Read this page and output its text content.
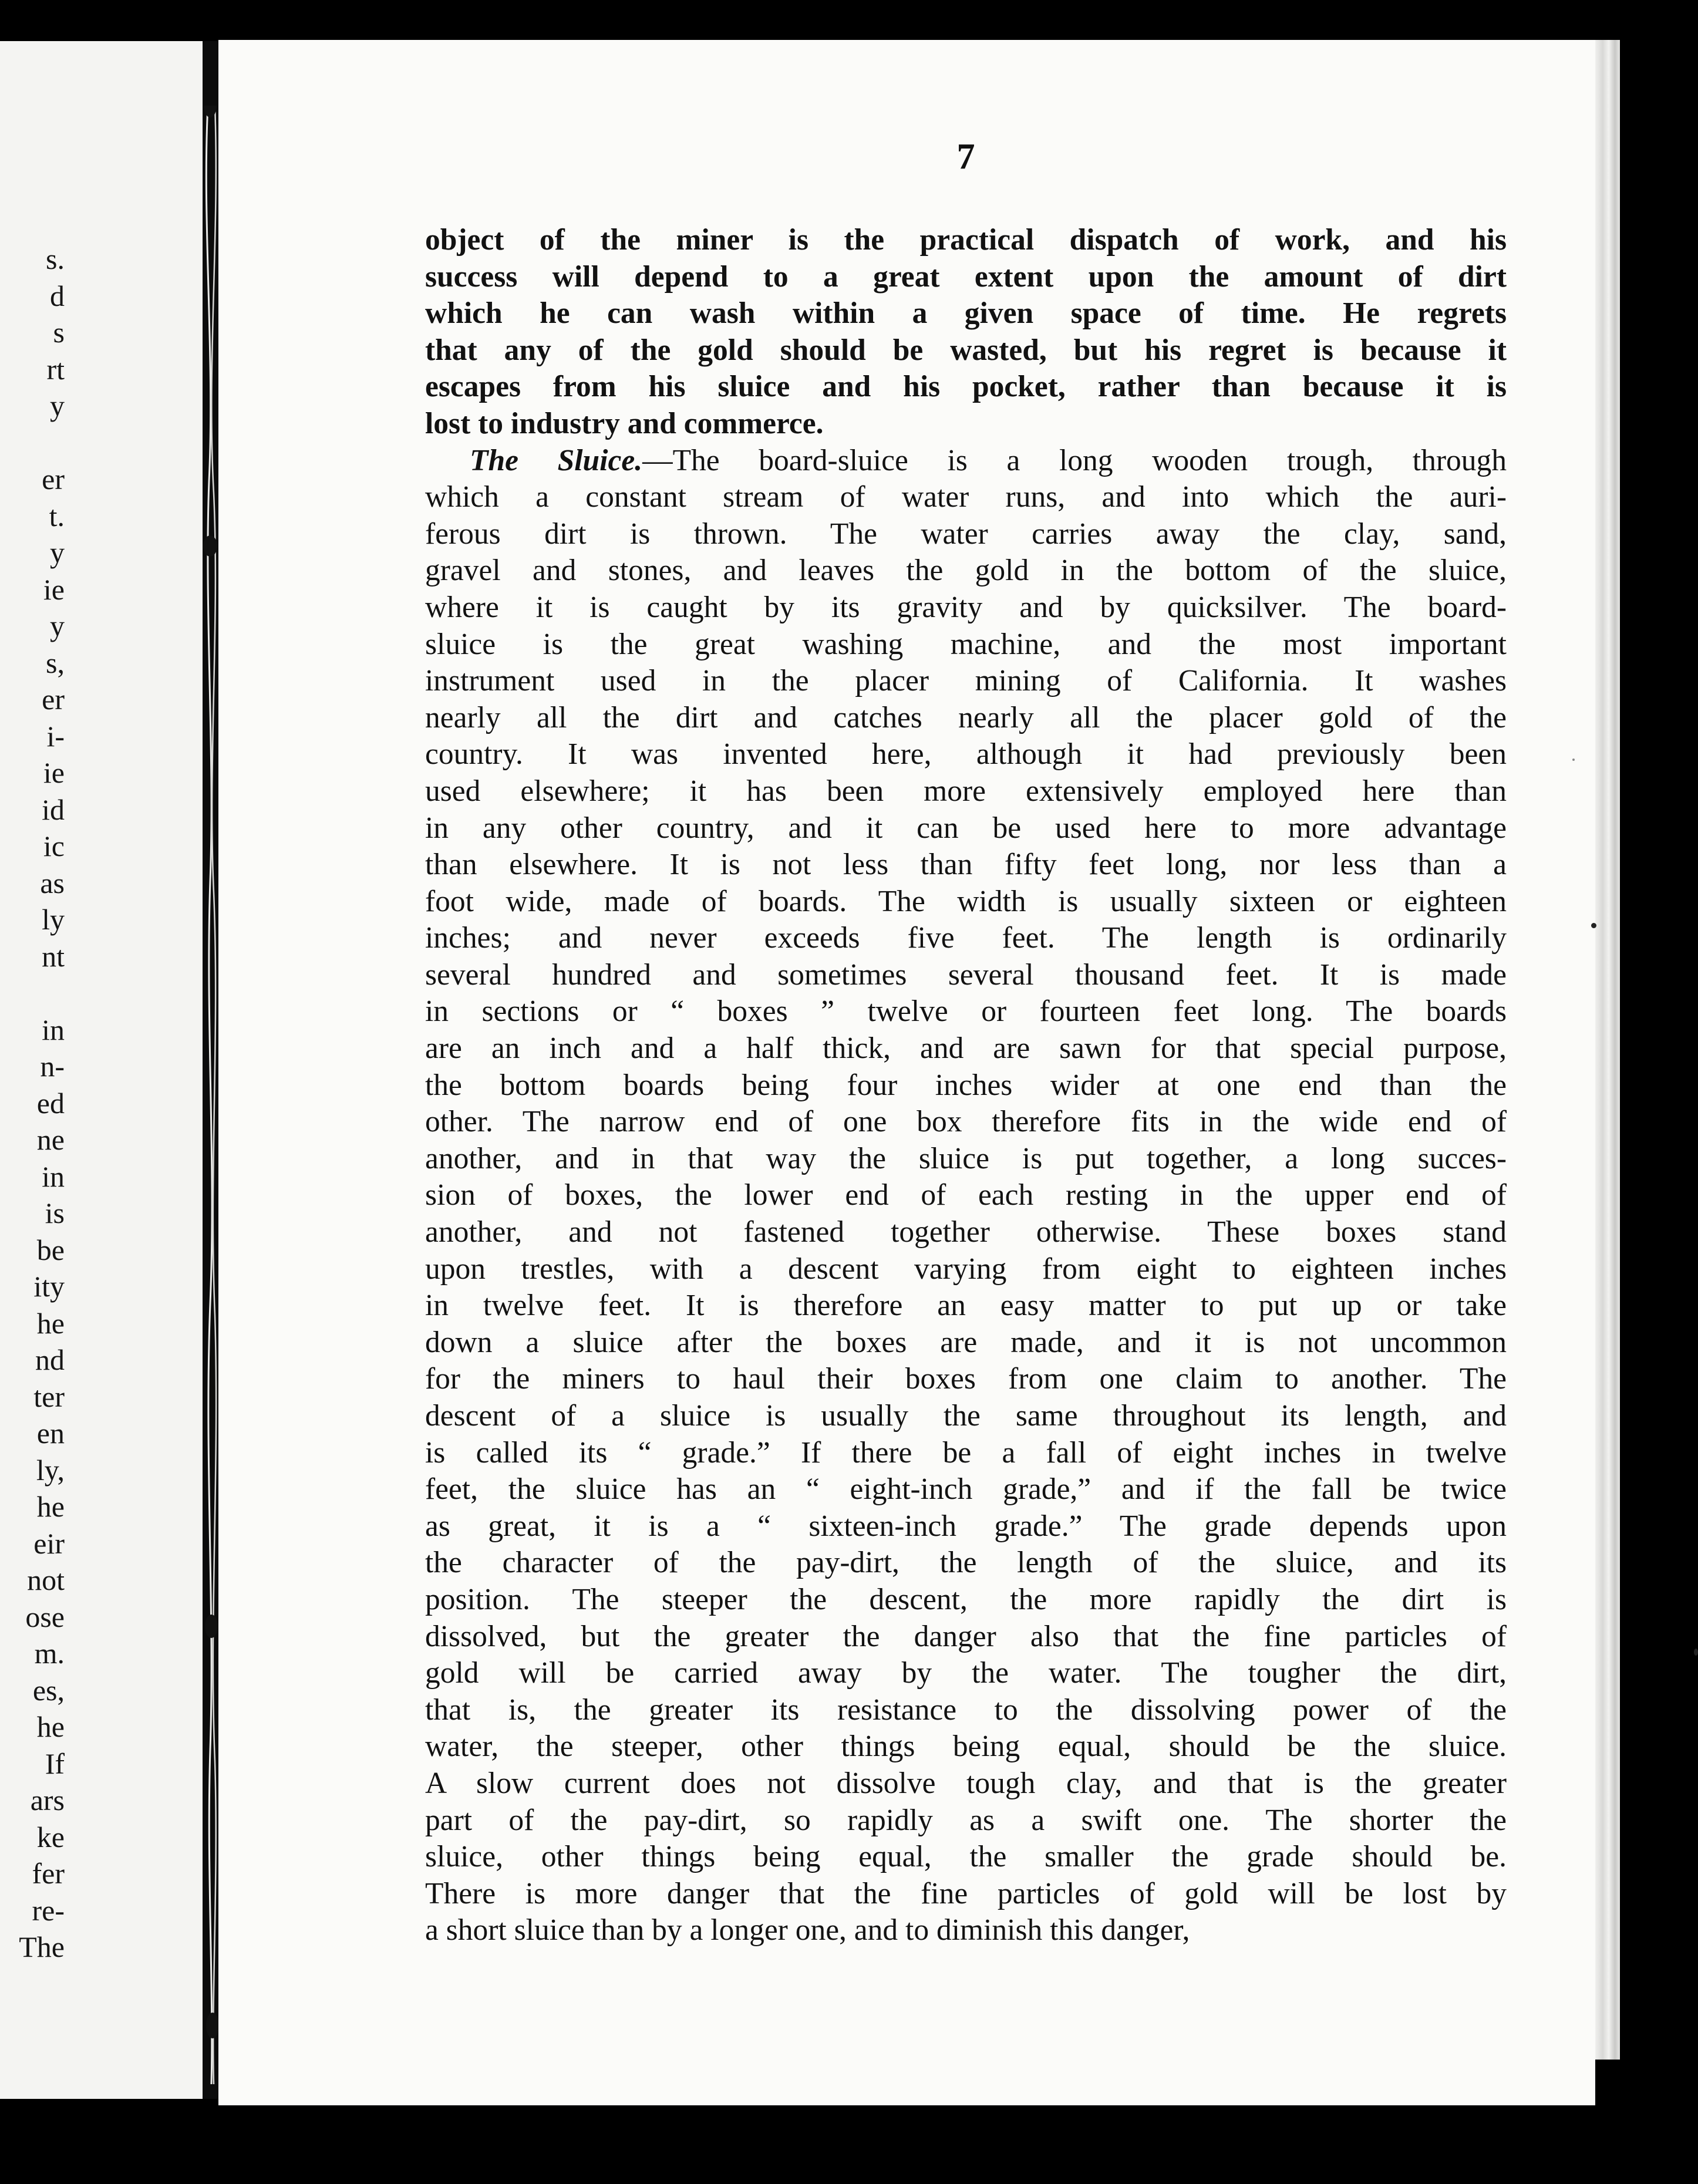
s.
d
s
rt
y
er
t.
y
ie
y
s,
er
i-
ie
id
ic
as
ly
nt
in
n-
ed
ne
in
is
be
ity
he
nd
ter
en
ly,
he
eir
not
ose
m.
es,
he
If
ars
ke
fer
re-
The
7
object of the miner is the practical dispatch of work, and his
success will depend to a great extent upon the amount of dirt
which he can wash within a given space of time. He regrets
that any of the gold should be wasted, but his regret is because it
escapes from his sluice and his pocket, rather than because it is
lost to industry and commerce.
The Sluice.—The board-sluice is a long wooden trough, through
which a constant stream of water runs, and into which the auri-
ferous dirt is thrown. The water carries away the clay, sand,
gravel and stones, and leaves the gold in the bottom of the sluice,
where it is caught by its gravity and by quicksilver. The board-
sluice is the great washing machine, and the most important
instrument used in the placer mining of California. It washes
nearly all the dirt and catches nearly all the placer gold of the
country. It was invented here, although it had previously been
used elsewhere; it has been more extensively employed here than
in any other country, and it can be used here to more advantage
than elsewhere. It is not less than fifty feet long, nor less than a
foot wide, made of boards. The width is usually sixteen or eighteen
inches; and never exceeds five feet. The length is ordinarily
several hundred and sometimes several thousand feet. It is made
in sections or “ boxes ” twelve or fourteen feet long. The boards
are an inch and a half thick, and are sawn for that special purpose,
the bottom boards being four inches wider at one end than the
other. The narrow end of one box therefore fits in the wide end of
another, and in that way the sluice is put together, a long succes-
sion of boxes, the lower end of each resting in the upper end of
another, and not fastened together otherwise. These boxes stand
upon trestles, with a descent varying from eight to eighteen inches
in twelve feet. It is therefore an easy matter to put up or take
down a sluice after the boxes are made, and it is not uncommon
for the miners to haul their boxes from one claim to another. The
descent of a sluice is usually the same throughout its length, and
is called its “ grade.” If there be a fall of eight inches in twelve
feet, the sluice has an “ eight-inch grade,” and if the fall be twice
as great, it is a “ sixteen-inch grade.” The grade depends upon
the character of the pay-dirt, the length of the sluice, and its
position. The steeper the descent, the more rapidly the dirt is
dissolved, but the greater the danger also that the fine particles of
gold will be carried away by the water. The tougher the dirt,
that is, the greater its resistance to the dissolving power of the
water, the steeper, other things being equal, should be the sluice.
A slow current does not dissolve tough clay, and that is the greater
part of the pay-dirt, so rapidly as a swift one. The shorter the
sluice, other things being equal, the smaller the grade should be.
There is more danger that the fine particles of gold will be lost by
a short sluice than by a longer one, and to diminish this danger,
